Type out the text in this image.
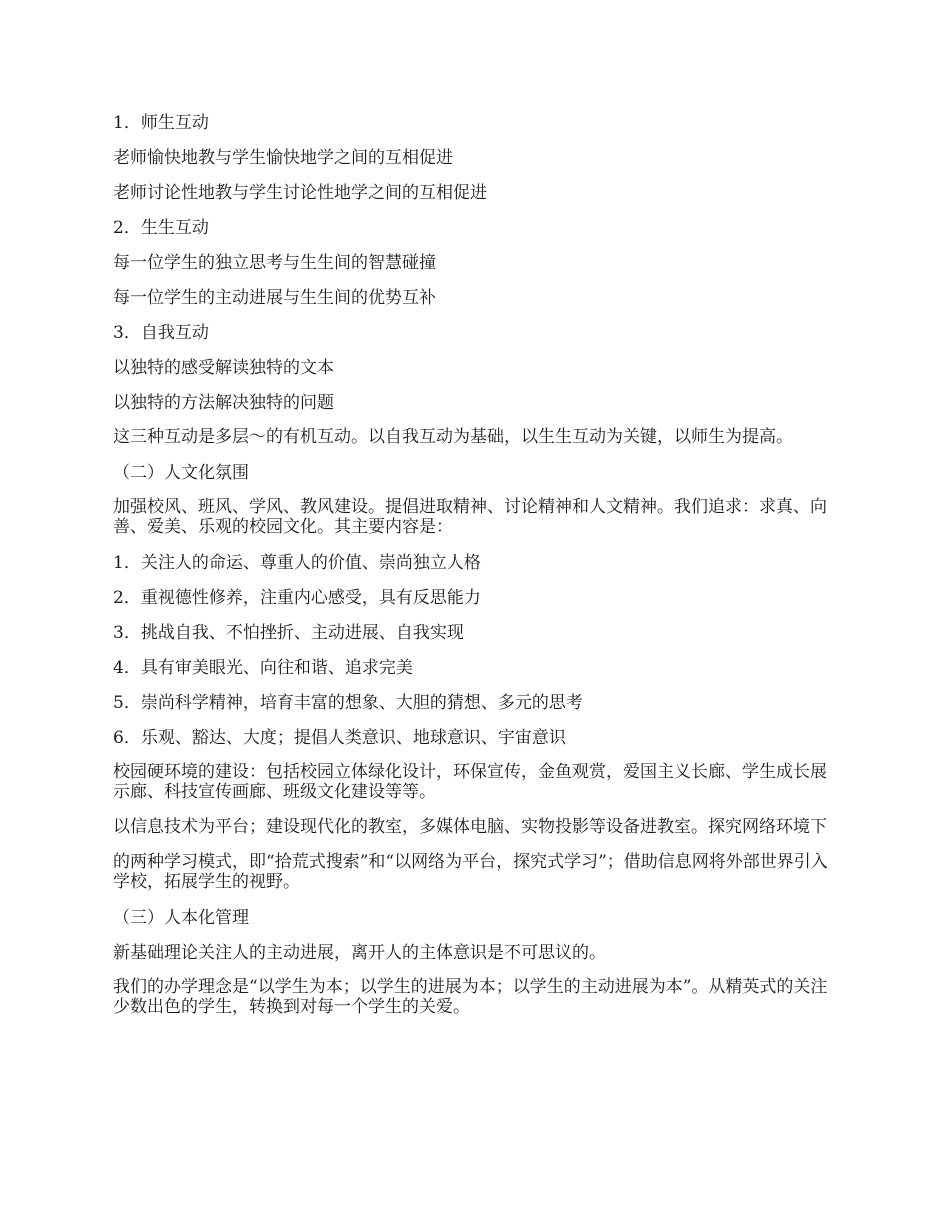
1．师生互动

老师愉快地教与学生愉快地学之间的互相促进

老师讨论性地教与学生讨论性地学之间的互相促进

2．生生互动

每一位学生的独立思考与生生间的智慧碰撞

每一位学生的主动进展与生生间的优势互补

3．自我互动

以独特的感受解读独特的文本

以独特的方法解决独特的问题

这三种互动是多层～的有机互动。以自我互动为基础，以生生互动为关键，以师生为提高。

（二）人文化氛围

加强校风、班风、学风、教风建设。提倡进取精神、讨论精神和人文精神。我们追求：求真、向善、爱美、乐观的校园文化。其主要内容是：

1．关注人的命运、尊重人的价值、崇尚独立人格

2．重视德性修养，注重内心感受，具有反思能力

3．挑战自我、不怕挫折、主动进展、自我实现

4．具有审美眼光、向往和谐、追求完美

5．崇尚科学精神，培育丰富的想象、大胆的猜想、多元的思考

6．乐观、豁达、大度；提倡人类意识、地球意识、宇宙意识

校园硬环境的建设：包括校园立体绿化设计，环保宣传，金鱼观赏，爱国主义长廊、学生成长展示廊、科技宣传画廊、班级文化建设等等。

以信息技术为平台；建设现代化的教室，多媒体电脑、实物投影等设备进教室。探究网络环境下

的两种学习模式，即“拾荒式搜索”和“以网络为平台，探究式学习”；借助信息网将外部世界引入学校，拓展学生的视野。

（三）人本化管理

新基础理论关注人的主动进展，离开人的主体意识是不可思议的。

我们的办学理念是“以学生为本；以学生的进展为本；以学生的主动进展为本”。从精英式的关注少数出色的学生，转换到对每一个学生的关爱。
